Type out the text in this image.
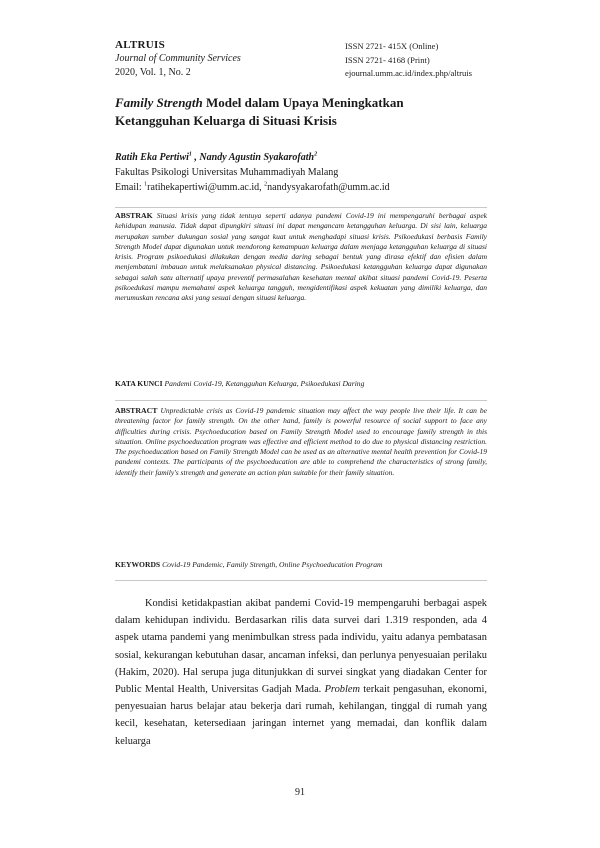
ALTRUIS
Journal of Community Services
2020, Vol. 1, No. 2
ISSN 2721- 415X (Online)
ISSN 2721- 4168 (Print)
ejournal.umm.ac.id/index.php/altruis
Family Strength Model dalam Upaya Meningkatkan
Ketangguhan Keluarga di Situasi Krisis
Ratih Eka Pertiwi$^1$ , Nandy Agustin Syakarofath$^2$
Fakultas Psikologi Universitas Muhammadiyah Malang
Email: $^1$ratihekapertiwi@umm.ac.id, $^2$nandysyakarofath@umm.ac.id
ABSTRAK Situasi krisis yang tidak tentuya seperti adanya pandemi Covid-19 ini mempengaruhi berbagai aspek kehidupan manusia. Tidak dapat dipungkiri situasi ini dapat mengancam ketangguhan keluarga. Di sisi lain, keluarga merupakan sumber dukungan sosial yang sangat kuat untuk menghadapi situasi krisis. Psikoedukasi berbasis Family Strength Model dapat digunakan untuk mendorong kemampuan keluarga dalam menjaga ketangguhan keluarga di situasi krisis. Program psikoedukasi dilakukan dengan media daring sebagai bentuk yang dirasa efektif dan efisien dalam menjembatani imbauan untuk melaksanakan physical distancing. Psikoedukasi ketangguhan keluarga dapat digunakan sebagai salah satu alternatif upaya preventif permasalahan kesehatan mental akibat situasi pandemi Covid-19. Peserta psikoedukasi mampu memahami aspek keluarga tangguh, mengidentifikasi aspek kekuatan yang dimiliki keluarga, dan merumuskan rencana aksi yang sesuai dengan situasi keluarga.
KATA KUNCI Pandemi Covid-19, Ketangguhan Keluarga, Psikoedukasi Daring
ABSTRACT Unpredictable crisis as Covid-19 pandemic situation may affect the way people live their life. It can be threatening factor for family strength. On the other hand, family is powerful resource of social support to face any difficulties during crisis. Psychoeducation based on Family Strength Model used to encourage family strength in this situation. Online psychoeducation program was effective and efficient method to do due to physical distancing restriction. The psychoeducation based on Family Strength Model can be used as an alternative mental health prevention for Covid-19 pandemi contexts. The participants of the psychoeducation are able to comprehend the characteristics of strong family, identify their family's strength and generate an action plan suitable for their family situation.
KEYWORDS Covid-19 Pandemic, Family Strength, Online Psychoeducation Program

Kondisi ketidakpastian akibat pandemi Covid-19 mempengaruhi berbagai aspek dalam kehidupan individu. Berdasarkan rilis data survei dari 1.319 responden, ada 4 aspek utama pandemi yang menimbulkan stress pada individu, yaitu adanya pembatasan sosial, kekurangan kebutuhan dasar, ancaman infeksi, dan perlunya penyesuaian perilaku (Hakim, 2020). Hal serupa juga ditunjukkan di survei singkat yang diadakan Center for Public Mental Health, Universitas Gadjah Mada. Problem terkait pengasuhan, ekonomi, penyesuaian harus belajar atau bekerja dari rumah, kehilangan, tinggal di rumah yang kecil, kesehatan, ketersediaan jaringan internet yang memadai, dan konflik dalam keluarga

91
